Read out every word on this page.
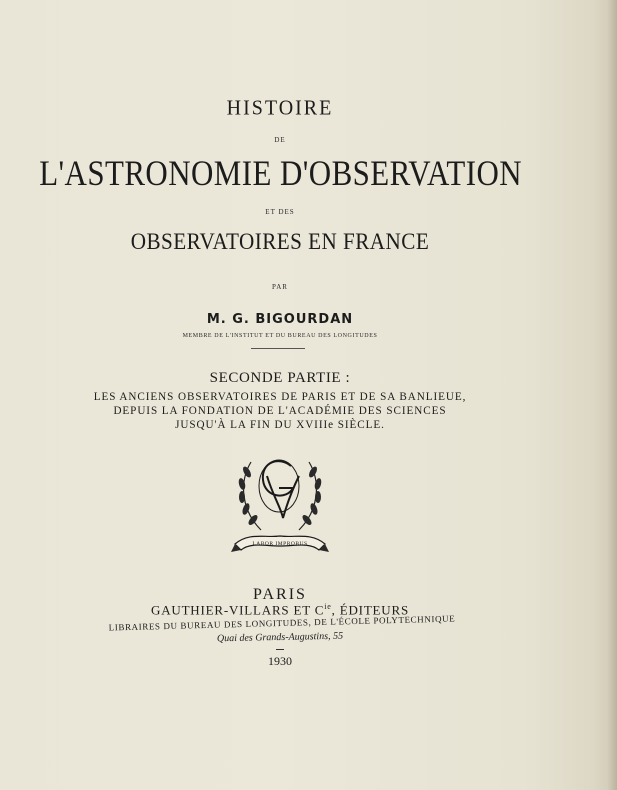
HISTOIRE
DE
L'ASTRONOMIE D'OBSERVATION
ET DES
OBSERVATOIRES EN FRANCE
PAR
M. G. BIGOURDAN
MEMBRE DE L'INSTITUT ET DU BUREAU DES LONGITUDES
SECONDE PARTIE :
LES ANCIENS OBSERVATOIRES DE PARIS ET DE SA BANLIEUE,
DEPUIS LA FONDATION DE L'ACADÉMIE DES SCIENCES
JUSQU'À LA FIN DU XVIIIe SIÈCLE.
LABOR IMPROBUS
PARIS
GAUTHIER-VILLARS ET $C^{ie}$, ÉDITEURS
LIBRAIRES DU BUREAU DES LONGITUDES, DE L'ÉCOLE POLYTECHNIQUE
Quai des Grands-Augustins, 55
1930
